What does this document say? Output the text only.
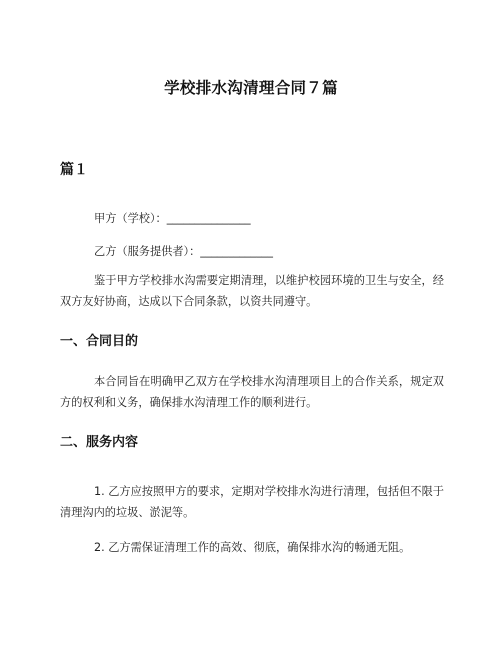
学校排水沟清理合同７篇
篇１
甲方（学校）：_______________
乙方（服务提供者）：_____________
鉴于甲方学校排水沟需要定期清理，以维护校园环境的卫生与安全，经双方友好协商，达成以下合同条款，以资共同遵守。
一、合同目的
本合同旨在明确甲乙双方在学校排水沟清理项目上的合作关系，规定双方的权利和义务，确保排水沟清理工作的顺利进行。
二、服务内容
1. 乙方应按照甲方的要求，定期对学校排水沟进行清理，包括但不限于清理沟内的垃圾、淤泥等。
2. 乙方需保证清理工作的高效、彻底，确保排水沟的畅通无阻。
